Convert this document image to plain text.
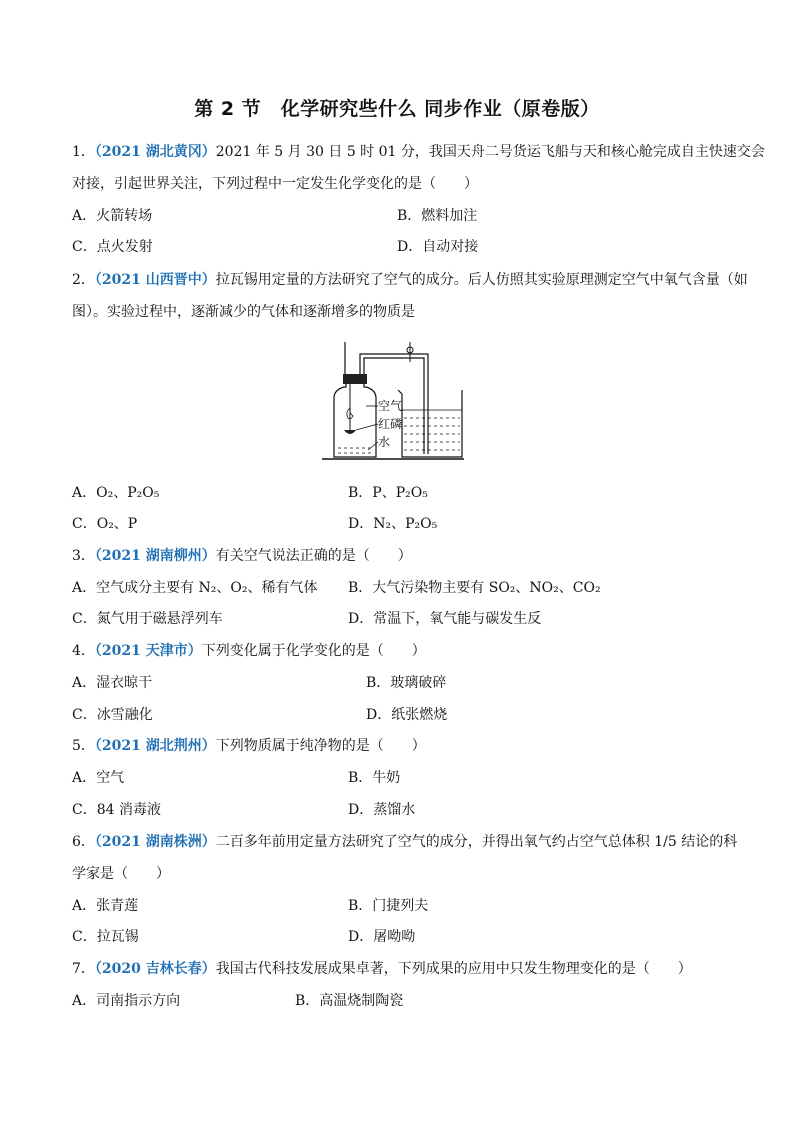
第 2 节　化学研究些什么 同步作业（原卷版）
1．（2021 湖北黄冈）2021 年 5 月 30 日 5 时 01 分，我国天舟二号货运飞船与天和核心舱完成自主快速交会
对接，引起世界关注，下列过程中一定发生化学变化的是（　　）
A．火箭转场	B．燃料加注
C．点火发射	D．自动对接
2．（2021 山西晋中）拉瓦锡用定量的方法研究了空气的成分。后人仿照其实验原理测定空气中氧气含量（如
图）。实验过程中，逐渐减少的气体和逐渐增多的物质是
空气
红磷
水
A．O₂、P₂O₅	B．P、P₂O₅
C．O₂、P	D．N₂、P₂O₅
3．（2021 湖南柳州）有关空气说法正确的是（　　）
A．空气成分主要有 N₂、O₂、稀有气体 B．大气污染物主要有 SO₂、NO₂、CO₂
C．氮气用于磁悬浮列车	D．常温下，氧气能与碳发生反
4．（2021 天津市）下列变化属于化学变化的是（　　）
A．湿衣晾干	B．玻璃破碎
C．冰雪融化	D．纸张燃烧
5．（2021 湖北荆州）下列物质属于纯净物的是（　　）
A．空气	B．牛奶
C．84 消毒液	D．蒸馏水
6．（2021 湖南株洲）二百多年前用定量方法研究了空气的成分，并得出氧气约占空气总体积 1/5 结论的科
学家是（　　）
A．张青莲	B．门捷列夫
C．拉瓦锡	D．屠呦呦
7．（2020 吉林长春）我国古代科技发展成果卓著，下列成果的应用中只发生物理变化的是（　　）
A．司南指示方向	B．高温烧制陶瓷
